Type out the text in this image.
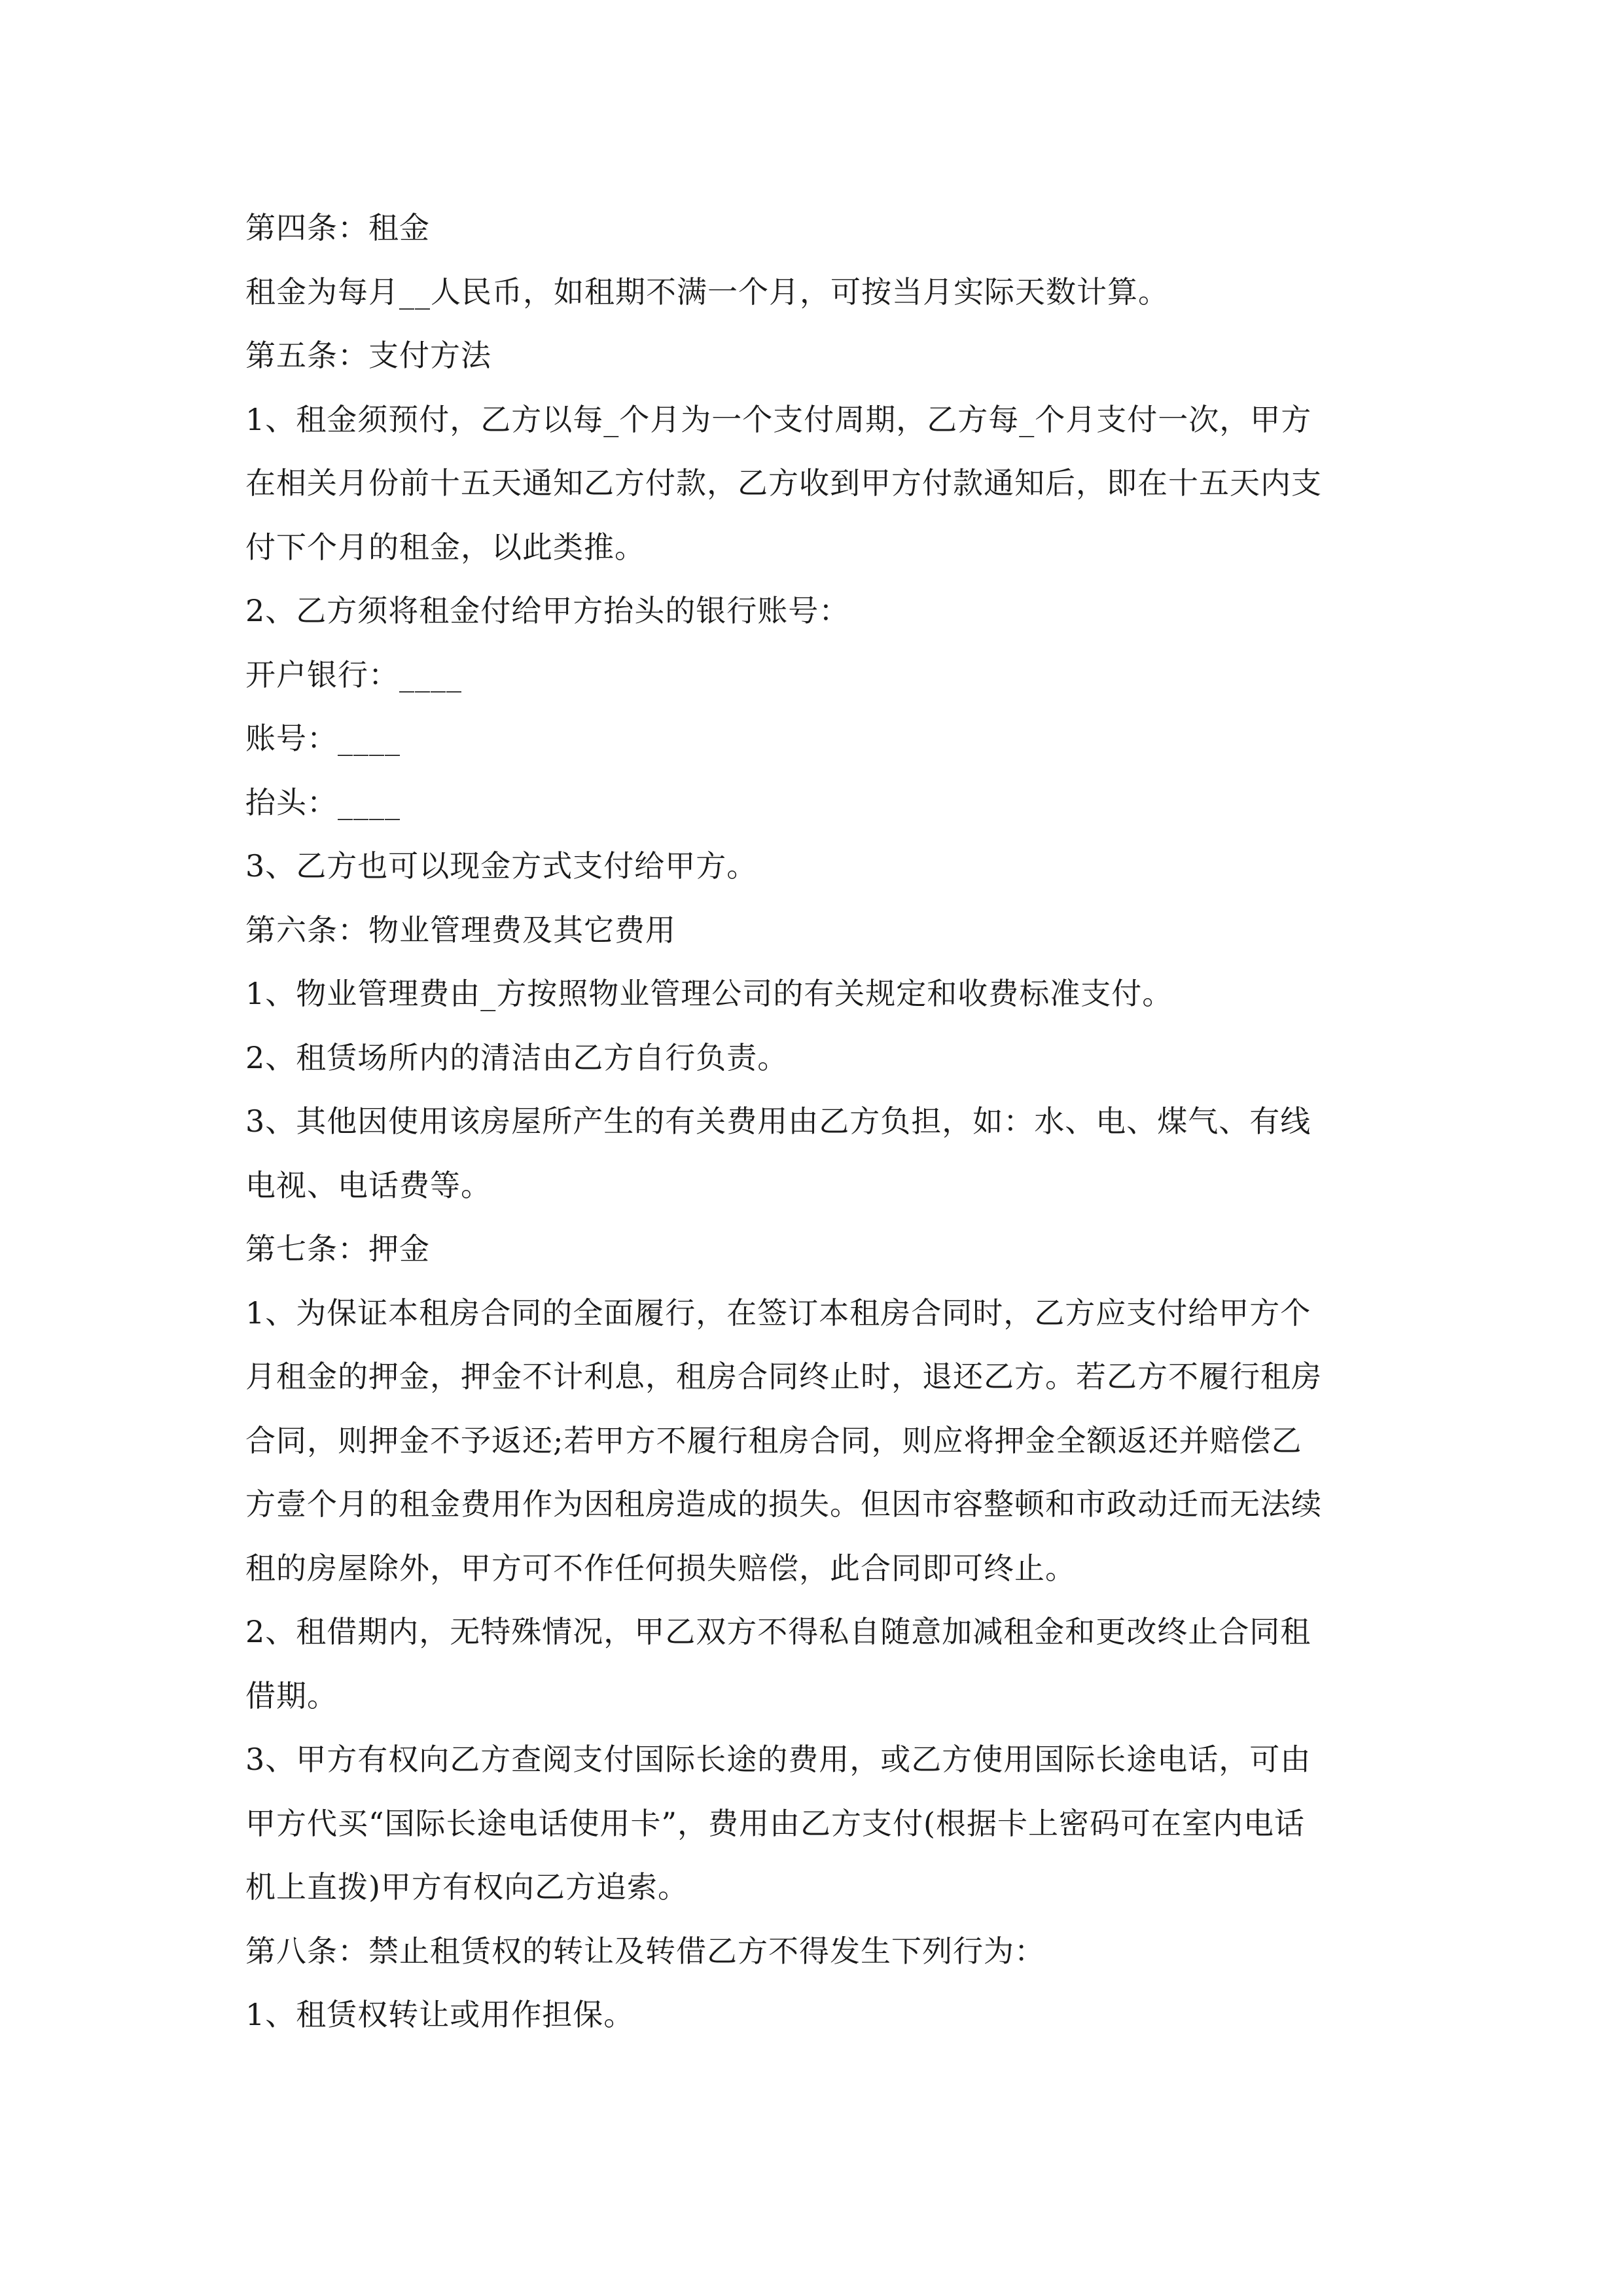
第四条：租金
租金为每月__人民币，如租期不满一个月，可按当月实际天数计算。
第五条：支付方法
1、租金须预付，乙方以每_个月为一个支付周期，乙方每_个月支付一次，甲方
在相关月份前十五天通知乙方付款，乙方收到甲方付款通知后，即在十五天内支
付下个月的租金，以此类推。
2、乙方须将租金付给甲方抬头的银行账号：
开户银行：____
账号：____
抬头：____
3、乙方也可以现金方式支付给甲方。
第六条：物业管理费及其它费用
1、物业管理费由_方按照物业管理公司的有关规定和收费标准支付。
2、租赁场所内的清洁由乙方自行负责。
3、其他因使用该房屋所产生的有关费用由乙方负担，如：水、电、煤气、有线
电视、电话费等。
第七条：押金
1、为保证本租房合同的全面履行，在签订本租房合同时，乙方应支付给甲方个
月租金的押金，押金不计利息，租房合同终止时，退还乙方。若乙方不履行租房
合同，则押金不予返还;若甲方不履行租房合同，则应将押金全额返还并赔偿乙
方壹个月的租金费用作为因租房造成的损失。但因市容整顿和市政动迁而无法续
租的房屋除外，甲方可不作任何损失赔偿，此合同即可终止。
2、租借期内，无特殊情况，甲乙双方不得私自随意加减租金和更改终止合同租
借期。
3、甲方有权向乙方查阅支付国际长途的费用，或乙方使用国际长途电话，可由
甲方代买“国际长途电话使用卡”，费用由乙方支付(根据卡上密码可在室内电话
机上直拨)甲方有权向乙方追索。
第八条：禁止租赁权的转让及转借乙方不得发生下列行为：
1、租赁权转让或用作担保。
